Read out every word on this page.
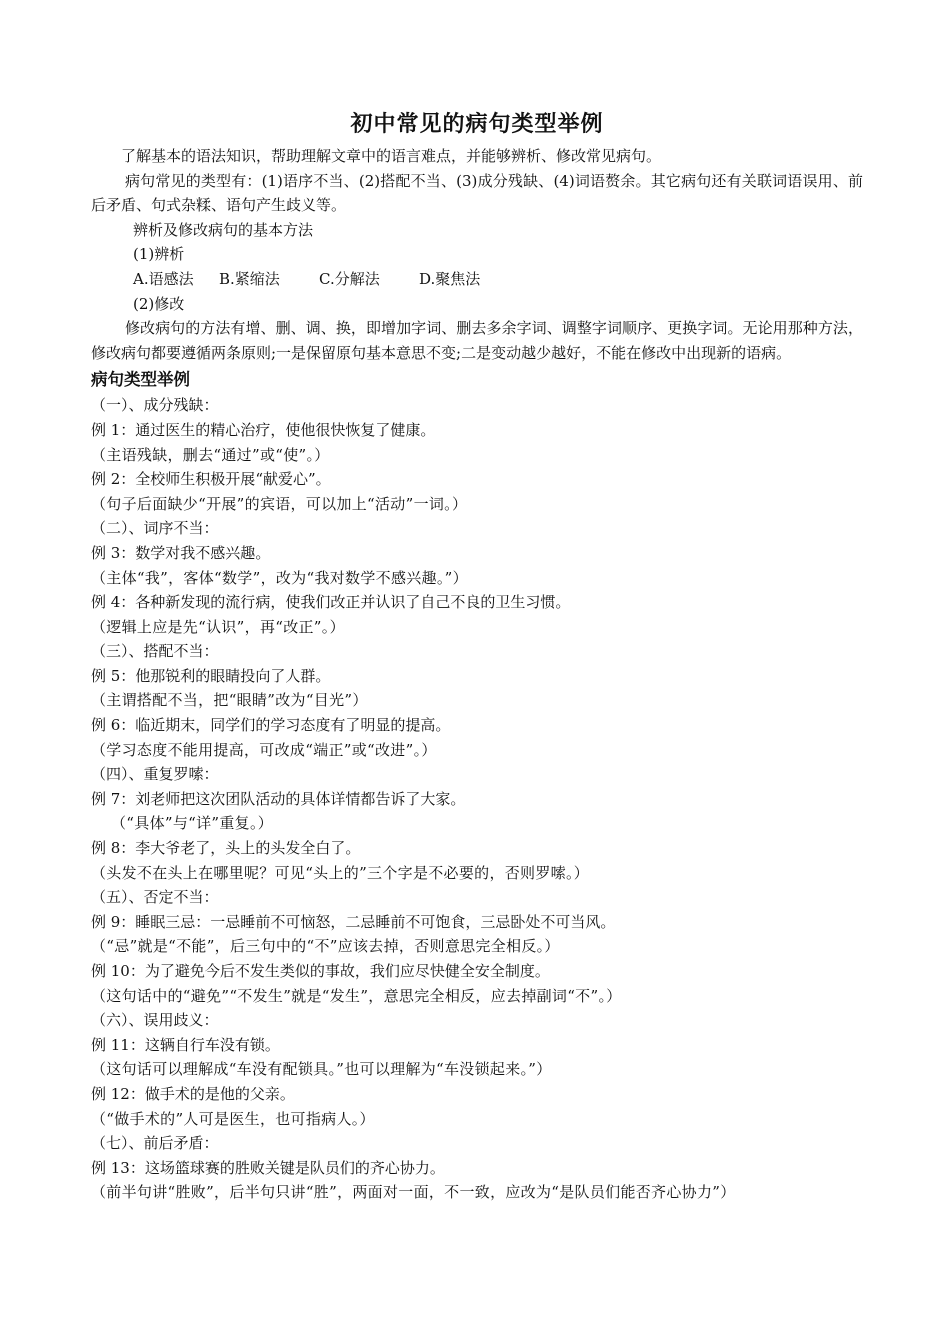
初中常见的病句类型举例

了解基本的语法知识，帮助理解文章中的语言难点，并能够辨析、修改常见病句。

病句常见的类型有：(1)语序不当、(2)搭配不当、(3)成分残缺、(4)词语赘余。其它病句还有关联词语误用、前后矛盾、句式杂糅、语句产生歧义等。

辨析及修改病句的基本方法

(1)辨析

A.语感法 B.紧缩法	C.分解法	D.聚焦法

(2)修改

修改病句的方法有增、删、调、换，即增加字词、删去多余字词、调整字词顺序、更换字词。无论用那种方法，修改病句都要遵循两条原则;一是保留原句基本意思不变;二是变动越少越好，不能在修改中出现新的语病。

病句类型举例

（一）、成分残缺：

例 1：通过医生的精心治疗，使他很快恢复了健康。

（主语残缺，删去“通过”或“使”。）

例 2：全校师生积极开展“献爱心”。

（句子后面缺少“开展”的宾语，可以加上“活动”一词。）

（二）、词序不当：

例 3：数学对我不感兴趣。

（主体“我”，客体“数学”，改为“我对数学不感兴趣。”）

例 4：各种新发现的流行病，使我们改正并认识了自己不良的卫生习惯。

（逻辑上应是先“认识”，再“改正”。）

（三）、搭配不当：

例 5：他那锐利的眼睛投向了人群。

（主谓搭配不当，把“眼睛”改为“目光”）

例 6：临近期末，同学们的学习态度有了明显的提高。

（学习态度不能用提高，可改成“端正”或“改进”。）

（四）、重复罗嗦：

例 7：刘老师把这次团队活动的具体详情都告诉了大家。

（“具体”与“详”重复。）

例 8：李大爷老了，头上的头发全白了。

（头发不在头上在哪里呢？可见“头上的”三个字是不必要的，否则罗嗦。）

（五）、否定不当：

例 9：睡眠三忌：一忌睡前不可恼怒，二忌睡前不可饱食，三忌卧处不可当风。

（“忌”就是“不能”，后三句中的“不”应该去掉，否则意思完全相反。）

例 10：为了避免今后不发生类似的事故，我们应尽快健全安全制度。

（这句话中的“避免”“不发生”就是“发生”，意思完全相反，应去掉副词“不”。）

（六）、误用歧义：

例 11：这辆自行车没有锁。

（这句话可以理解成“车没有配锁具。”也可以理解为“车没锁起来。”）

例 12：做手术的是他的父亲。

（“做手术的”人可是医生，也可指病人。）

（七）、前后矛盾：

例 13：这场篮球赛的胜败关键是队员们的齐心协力。

（前半句讲“胜败”，后半句只讲“胜”，两面对一面，不一致，应改为“是队员们能否齐心协力”）
